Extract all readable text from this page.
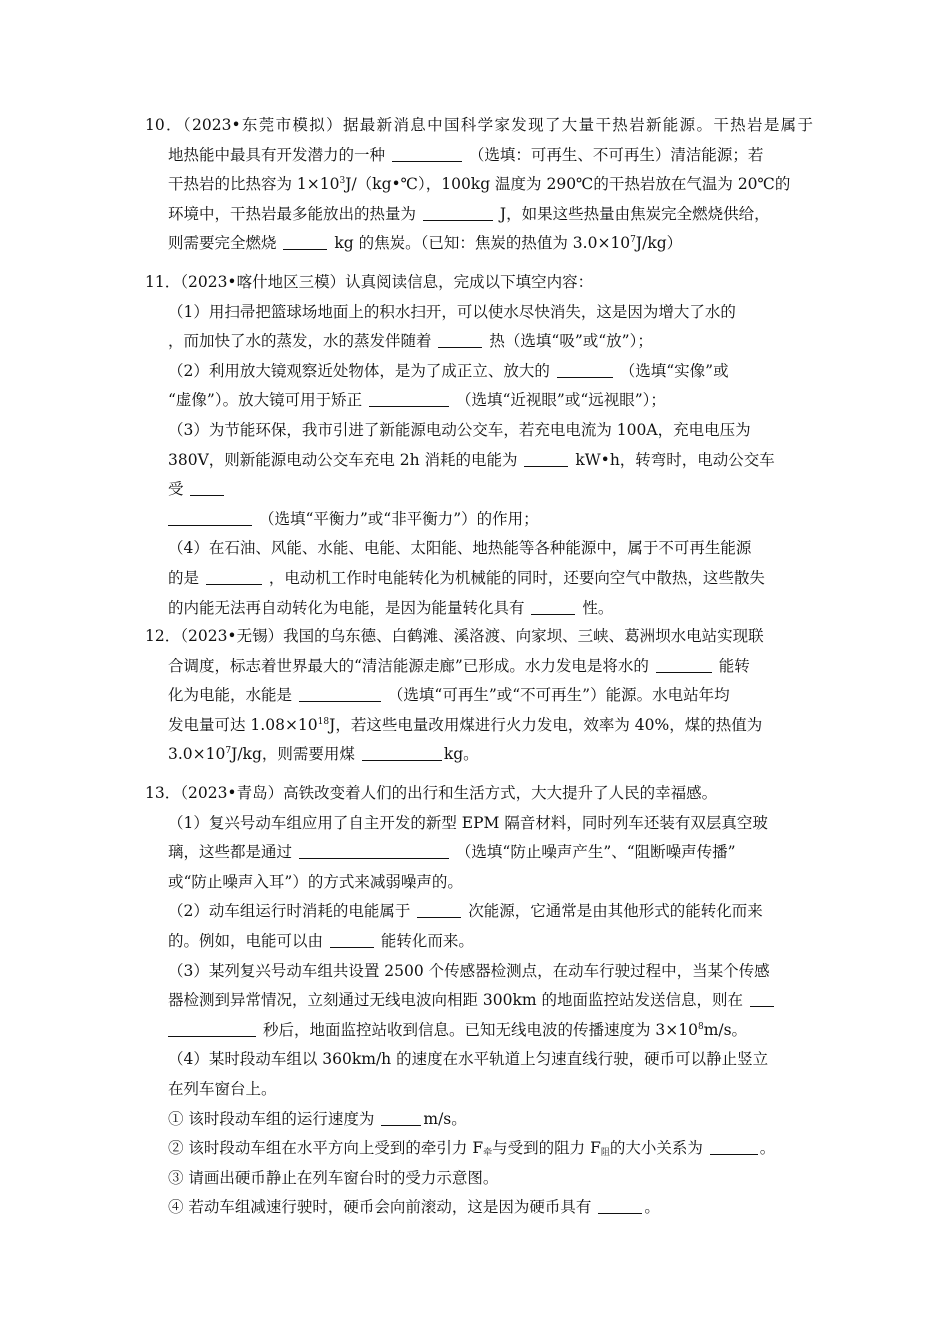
10．（2023•东莞市模拟）据最新消息中国科学家发现了大量干热岩新能源。干热岩是属于
地热能中最具有开发潜力的一种	（选填：可再生、不可再生）清洁能源；若
干热岩的比热容为 $1\times 10^3J/(kg•℃)$，100kg 温度为 290℃的干热岩放在气温为 20℃的
环境中，干热岩最多能放出的热量为	J，如果这些热量由焦炭完全燃烧供给，
则需要完全燃烧	kg 的焦炭。（已知：焦炭的热值为 $3.0\times 10^7J/kg$）
11．（2023•喀什地区三模）认真阅读信息，完成以下填空内容：
（1）用扫帚把篮球场地面上的积水扫开，可以使水尽快消失，这是因为增大了水的
，而加快了水的蒸发，水的蒸发伴随着	热（选填“吸”或“放”）；
（2）利用放大镜观察近处物体，是为了成正立、放大的	（选填“实像”或
“虚像”）。放大镜可用于矫正	（选填“近视眼”或“远视眼”）；
（3）为节能环保，我市引进了新能源电动公交车，若充电电流为 100A，充电电压为
380V，则新能源电动公交车充电 2h 消耗的电能为	kW•h，转弯时，电动公交车
受
（选填“平衡力”或“非平衡力”）的作用；
（4）在石油、风能、水能、电能、太阳能、地热能等各种能源中，属于不可再生能源
的是	，电动机工作时电能转化为机械能的同时，还要向空气中散热，这些散失
的内能无法再自动转化为电能，是因为能量转化具有	性。
12．（2023•无锡）我国的乌东德、白鹤滩、溪洛渡、向家坝、三峡、葛洲坝水电站实现联
合调度，标志着世界最大的“清洁能源走廊”已形成。水力发电是将水的	能转
化为电能，水能是	（选填“可再生”或“不可再生”）能源。水电站年均
发电量可达 $1.08\times 10^{18}J$，若这些电量改用煤进行火力发电，效率为 40%，煤的热值为
$3.0\times 10^7J/kg$，则需要用煤	kg。
13．（2023•青岛）高铁改变着人们的出行和生活方式，大大提升了人民的幸福感。
（1）复兴号动车组应用了自主开发的新型 EPM 隔音材料，同时列车还装有双层真空玻
璃，这些都是通过	（选填“防止噪声产生”、“阻断噪声传播”
或“防止噪声入耳”）的方式来减弱噪声的。
（2）动车组运行时消耗的电能属于	次能源，它通常是由其他形式的能转化而来
的。例如，电能可以由	能转化而来。
（3）某列复兴号动车组共设置 2500 个传感器检测点，在动车行驶过程中，当某个传感
器检测到异常情况，立刻通过无线电波向相距 300km 的地面监控站发送信息，则在
秒后，地面监控站收到信息。已知无线电波的传播速度为 $3\times 10^8m/s$。
（4）某时段动车组以 360km/h 的速度在水平轨道上匀速直线行驶，硬币可以静止竖立
在列车窗台上。
① 该时段动车组的运行速度为	m/s。
② 该时段动车组在水平方向上受到的牵引力 $F_牵$与受到的阻力 $F_阻$的大小关系为	。
③ 请画出硬币静止在列车窗台时的受力示意图。
④ 若动车组减速行驶时，硬币会向前滚动，这是因为硬币具有	。
